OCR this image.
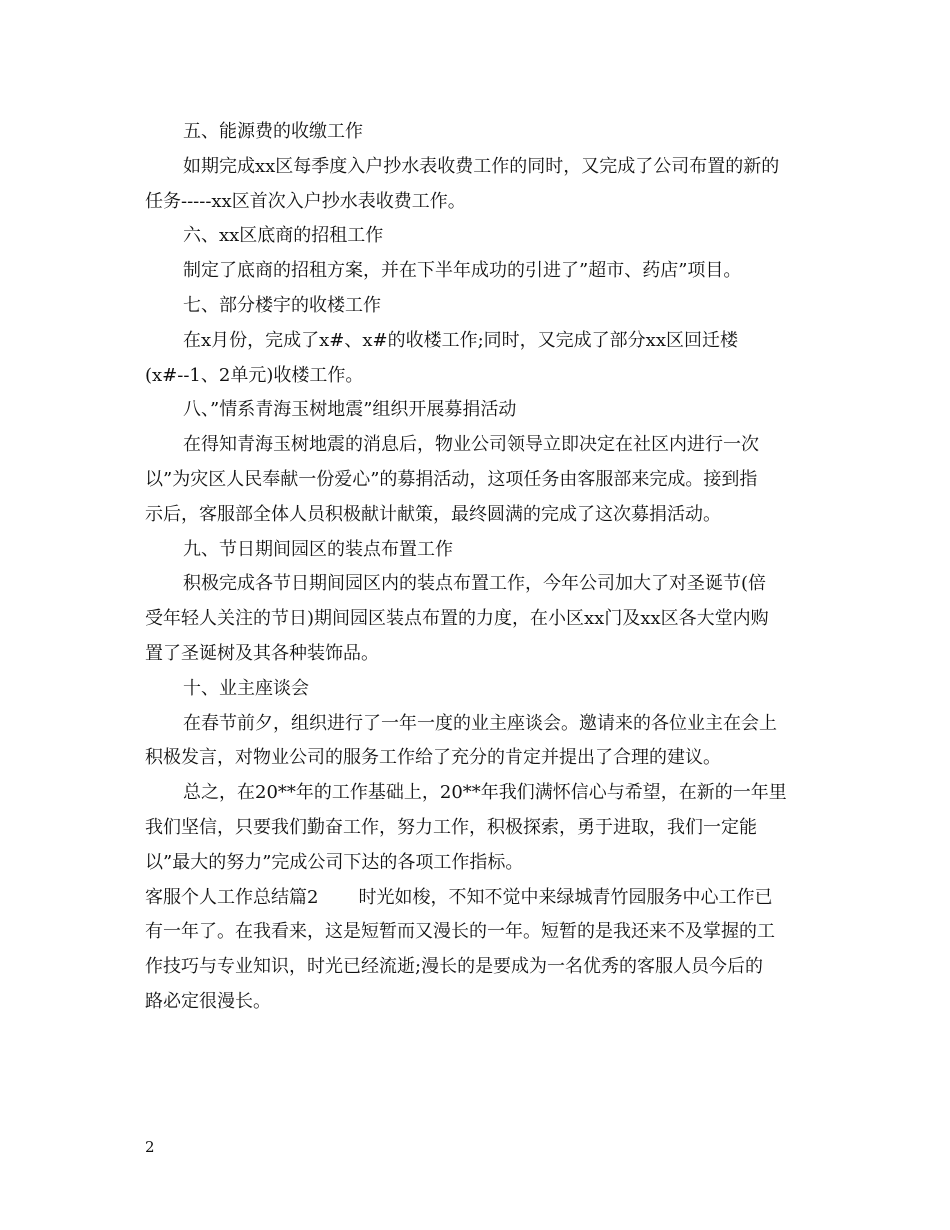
五、能源费的收缴工作
如期完成xx区每季度入户抄水表收费工作的同时，又完成了公司布置的新的
任务-----xx区首次入户抄水表收费工作。
六、xx区底商的招租工作
制定了底商的招租方案，并在下半年成功的引进了”超市、药店”项目。
七、部分楼宇的收楼工作
在x月份，完成了x#、x#的收楼工作;同时，又完成了部分xx区回迁楼
(x#--1、2单元)收楼工作。
八、”情系青海玉树地震”组织开展募捐活动
在得知青海玉树地震的消息后，物业公司领导立即决定在社区内进行一次
以”为灾区人民奉献一份爱心”的募捐活动，这项任务由客服部来完成。接到指
示后，客服部全体人员积极献计献策，最终圆满的完成了这次募捐活动。
九、节日期间园区的装点布置工作
积极完成各节日期间园区内的装点布置工作，今年公司加大了对圣诞节(倍
受年轻人关注的节日)期间园区装点布置的力度，在小区xx门及xx区各大堂内购
置了圣诞树及其各种装饰品。
十、业主座谈会
在春节前夕，组织进行了一年一度的业主座谈会。邀请来的各位业主在会上
积极发言，对物业公司的服务工作给了充分的肯定并提出了合理的建议。
总之，在20**年的工作基础上，20**年我们满怀信心与希望，在新的一年里
我们坚信，只要我们勤奋工作，努力工作，积极探索，勇于进取，我们一定能
以”最大的努力”完成公司下达的各项工作指标。
客服个人工作总结篇2 时光如梭，不知不觉中来绿城青竹园服务中心工作已
有一年了。在我看来，这是短暂而又漫长的一年。短暂的是我还来不及掌握的工
作技巧与专业知识，时光已经流逝;漫长的是要成为一名优秀的客服人员今后的
路必定很漫长。
2
